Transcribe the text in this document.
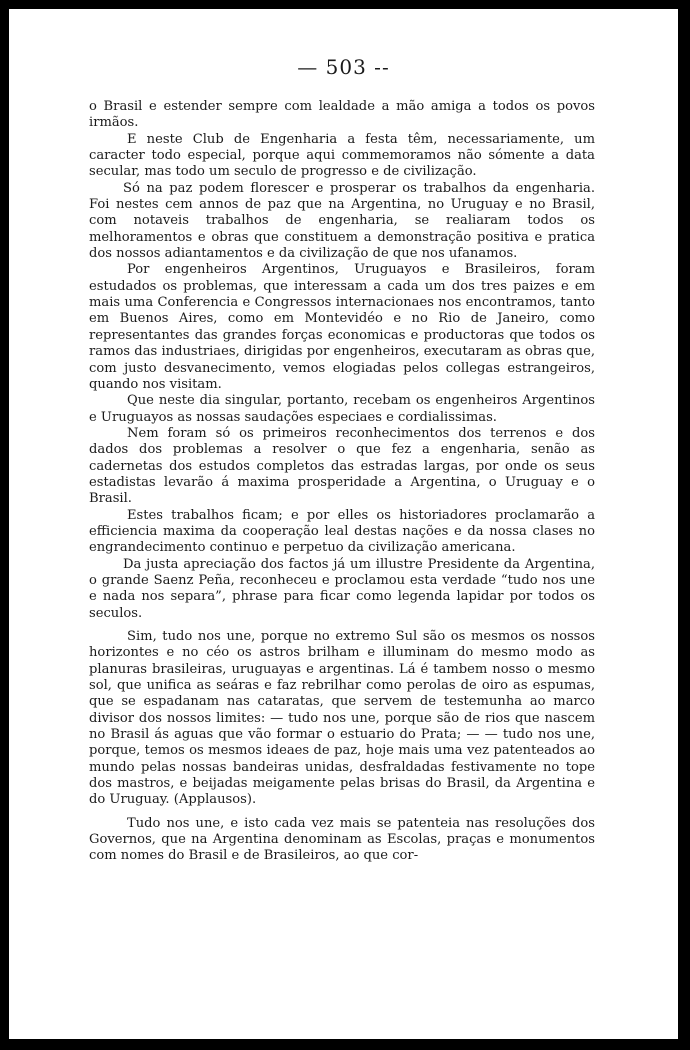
— 503 --

o Brasil e estender sempre com lealdade a mão amiga a todos os povos irmãos.

E neste Club de Engenharia a festa têm, necessariamente, um caracter todo especial, porque aqui commemoramos não sómente a data secular, mas todo um seculo de progresso e de civilização.

Só na paz podem florescer e prosperar os trabalhos da engenharia. Foi nestes cem annos de paz que na Argentina, no Uruguay e no Brasil, com notaveis trabalhos de engenharia, se realiaram todos os melhoramentos e obras que constituem a demonstração positiva e pratica dos nossos adiantamentos e da civilização de que nos ufanamos.

Por engenheiros Argentinos, Uruguayos e Brasileiros, foram estudados os problemas, que interessam a cada um dos tres paizes e em mais uma Conferencia e Congressos internacionaes nos encontramos, tanto em Buenos Aires, como em Montevidéo e no Rio de Janeiro, como representantes das grandes forças economicas e productoras que todos os ramos das industriaes, dirigidas por engenheiros, executaram as obras que, com justo desvanecimento, vemos elogiadas pelos collegas estrangeiros, quando nos visitam.

Que neste dia singular, portanto, recebam os engenheiros Argentinos e Uruguayos as nossas saudações especiaes e cordialissimas.

Nem foram só os primeiros reconhecimentos dos terrenos e dos dados dos problemas a resolver o que fez a engenharia, senão as cadernetas dos estudos completos das estradas largas, por onde os seus estadistas levarão á maxima prosperidade a Argentina, o Uruguay e o Brasil.

Estes trabalhos ficam; e por elles os historiadores proclamarão a efficiencia maxima da cooperação leal destas nações e da nossa clases no engrandecimento continuo e perpetuo da civilização americana.

Da justa apreciação dos factos já um illustre Presidente da Argentina, o grande Saenz Peña, reconheceu e proclamou esta verdade “tudo nos une e nada nos separa”, phrase para ficar como legenda lapidar por todos os seculos.

Sim, tudo nos une, porque no extremo Sul são os mesmos os nossos horizontes e no céo os astros brilham e illuminam do mesmo modo as planuras brasileiras, uruguayas e argentinas. Lá é tambem nosso o mesmo sol, que unifica as seáras e faz rebrilhar como perolas de oiro as espumas, que se espadanam nas cataratas, que servem de testemunha ao marco divisor dos nossos limites: — tudo nos une, porque são de rios que nascem no Brasil ás aguas que vão formar o estuario do Prata; — — tudo nos une, porque, temos os mesmos ideaes de paz, hoje mais uma vez patenteados ao mundo pelas nossas bandeiras unidas, desfraldadas festivamente no tope dos mastros, e beijadas meigamente pelas brisas do Brasil, da Argentina e do Uruguay. (Applausos).

Tudo nos une, e isto cada vez mais se patenteia nas resoluções dos Governos, que na Argentina denominam as Escolas, praças e monumentos com nomes do Brasil e de Brasileiros, ao que cor-
